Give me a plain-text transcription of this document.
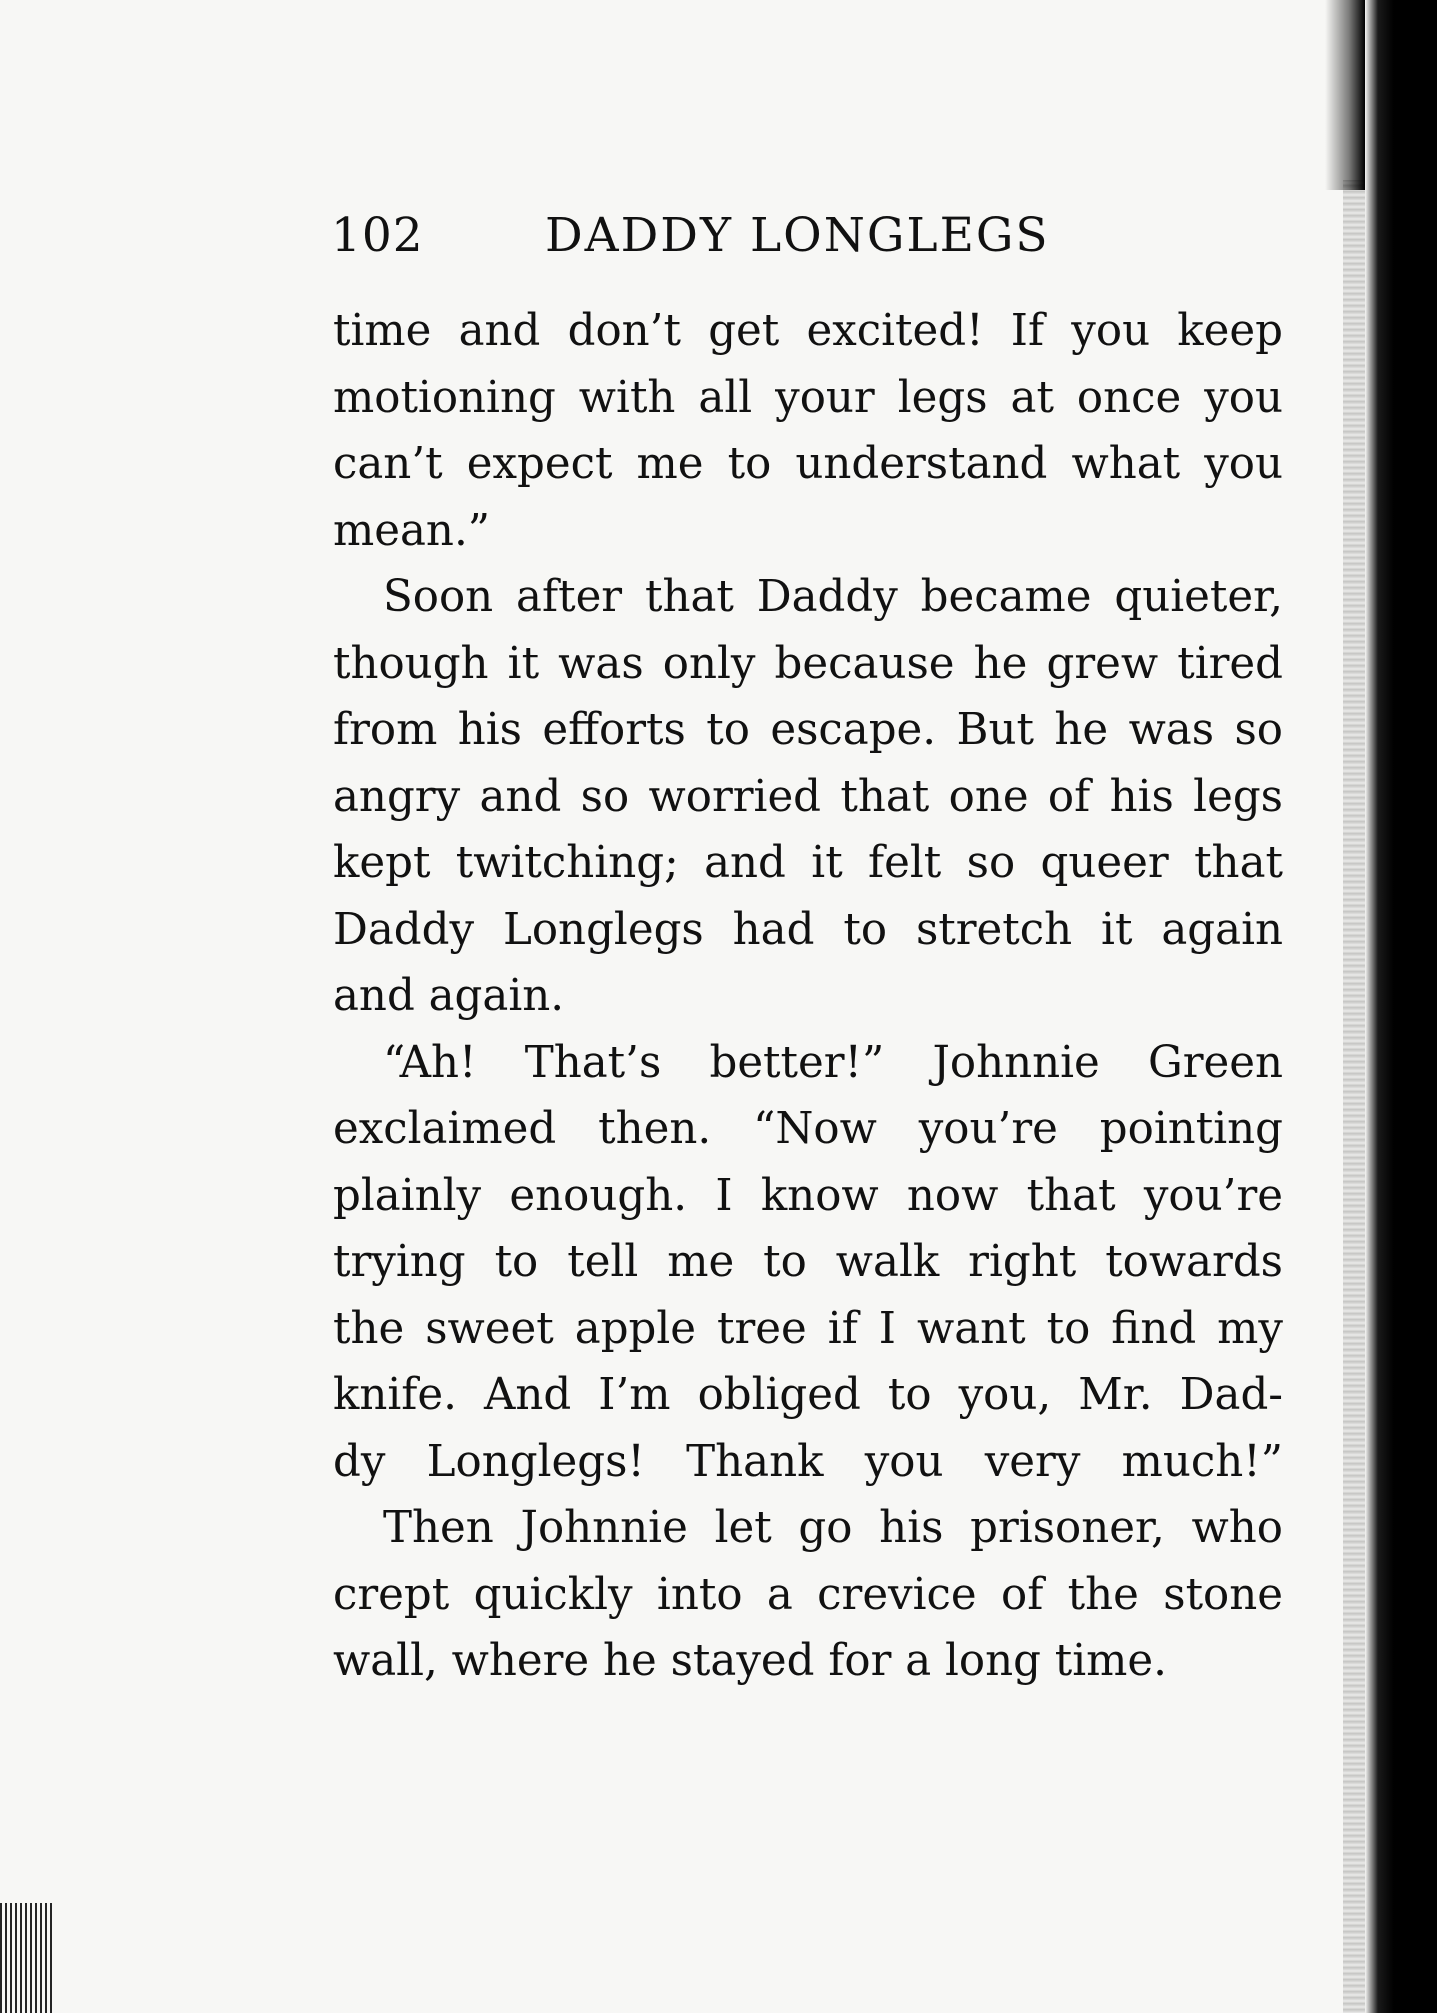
102	DADDY LONGLEGS
time and don’t get excited! If you keep
motioning with all your legs at once you
can’t expect me to understand what you
mean.”
Soon after that Daddy became quieter,
though it was only because he grew tired
from his efforts to escape. But he was so
angry and so worried that one of his legs
kept twitching; and it felt so queer that
Daddy Longlegs had to stretch it again
and again.
“Ah! That’s better!” Johnnie Green
exclaimed then. “Now you’re pointing
plainly enough. I know now that you’re
trying to tell me to walk right towards
the sweet apple tree if I want to find my
knife. And I’m obliged to you, Mr. Dad-
dy Longlegs! Thank you very much!”
Then Johnnie let go his prisoner, who
crept quickly into a crevice of the stone
wall, where he stayed for a long time.
